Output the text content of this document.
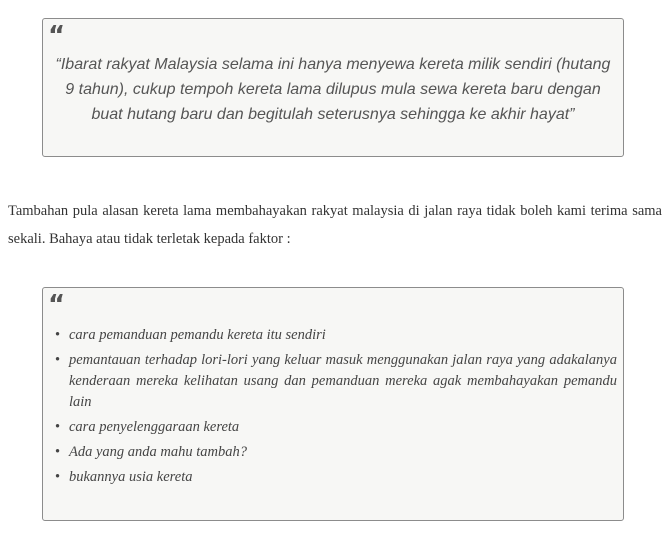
“

“Ibarat rakyat Malaysia selama ini hanya menyewa kereta milik sendiri (hutang 9 tahun), cukup tempoh kereta lama dilupus mula sewa kereta baru dengan buat hutang baru dan begitulah seterusnya sehingga ke akhir hayat”

Tambahan pula alasan kereta lama membahayakan rakyat malaysia di jalan raya tidak boleh kami terima sama sekali. Bahaya atau tidak terletak kepada faktor :

“
• cara pemanduan pemandu kereta itu sendiri
• pemantauan terhadap lori-lori yang keluar masuk menggunakan jalan raya yang adakalanya kenderaan mereka kelihatan usang dan pemanduan mereka agak membahayakan pemandu lain
• cara penyelenggaraan kereta
• Ada yang anda mahu tambah?
• bukannya usia kereta
